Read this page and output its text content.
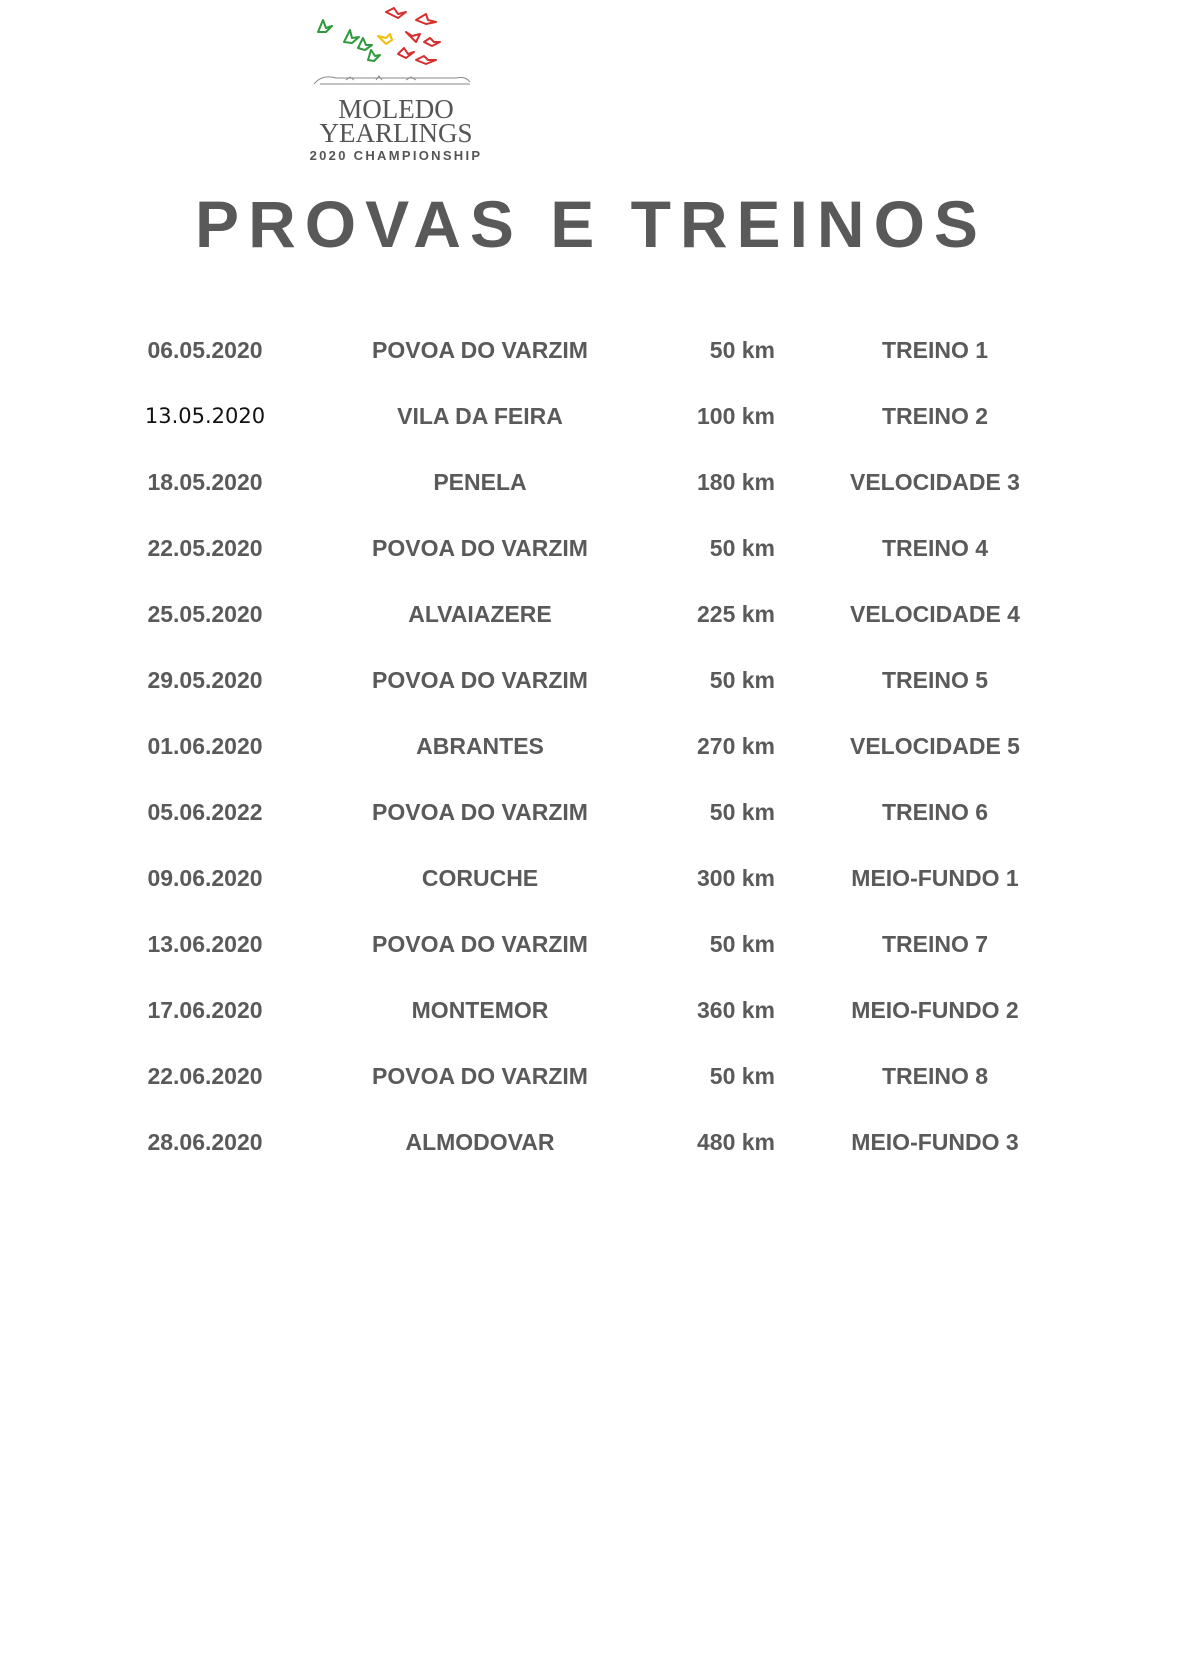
MOLEDO
YEARLINGS
2020 CHAMPIONSHIP
PROVAS E TREINOS
06.05.2020	POVOA DO VARZIM	50 km	TREINO 1
13.05.2020	VILA DA FEIRA	100 km	TREINO 2
18.05.2020	PENELA	180 km	VELOCIDADE 3
22.05.2020	POVOA DO VARZIM	50 km	TREINO 4
25.05.2020	ALVAIAZERE	225 km	VELOCIDADE 4
29.05.2020	POVOA DO VARZIM	50 km	TREINO 5
01.06.2020	ABRANTES	270 km	VELOCIDADE 5
05.06.2022	POVOA DO VARZIM	50 km	TREINO 6
09.06.2020	CORUCHE	300 km	MEIO-FUNDO 1
13.06.2020	POVOA DO VARZIM	50 km	TREINO 7
17.06.2020	MONTEMOR	360 km	MEIO-FUNDO 2
22.06.2020	POVOA DO VARZIM	50 km	TREINO 8
28.06.2020	ALMODOVAR	480 km	MEIO-FUNDO 3
